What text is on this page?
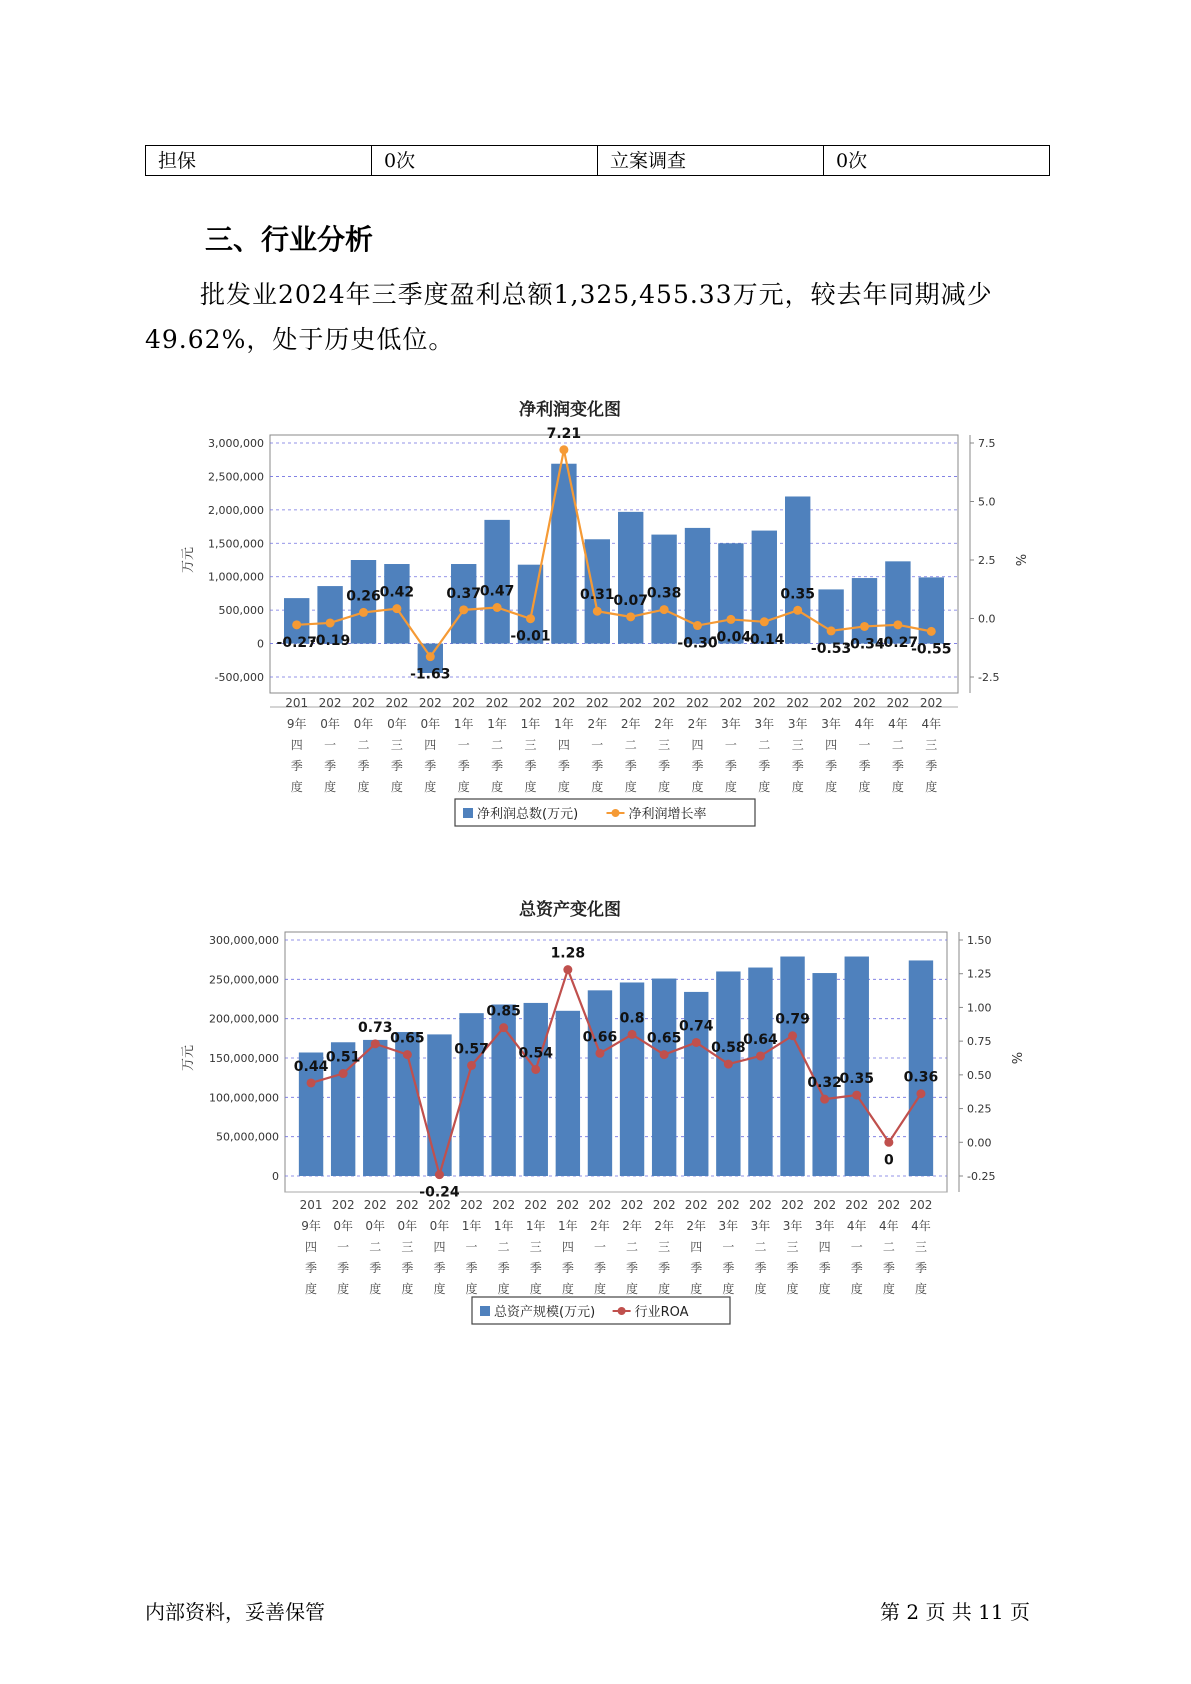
担保	0次	立案调查	0次
三、行业分析
批发业2024年三季度盈利总额1,325,455.33万元，较去年同期减少49.62%，处于历史低位。
净利润变化图
-500,000
0
500,000
1,000,000
1,500,000
2,000,000
2,500,000
3,000,000
-2.5
0.0
2.5
5.0
7.5
万元	%
201 202 202 202 202 202 202 202 202 202 202 202 202 202 202 202 202 202 202 202
9年 0年 0年 0年 0年 1年 1年 1年 1年 2年 2年 2年 2年 3年 3年 3年 3年 4年 4年 4年
四 一 二 三 四 一 二 三 四 一 二 三 四 一 二 三 四 一 二 三
季 季 季 季 季 季 季 季 季 季 季 季 季 季 季 季 季 季 季 季
度 度 度 度 度 度 度 度 度 度 度 度 度 度 度 度 度 度 度 度
-0.27
-0.19
0.26
0.42
-1.63
0.37
0.47
-0.01
7.21
0.31
0.07
0.38
-0.30
-0.04
-0.14
0.35
-0.53
-0.34
-0.27
-0.55
净利润总数(万元)	净利润增长率
总资产变化图
0
50,000,000
100,000,000
150,000,000
200,000,000
250,000,000
300,000,000
-0.25
0.00
0.25
0.50
0.75
1.00
1.25
1.50
万元	%
201 202 202 202 202 202 202 202 202 202 202 202 202 202 202 202 202 202 202 202
9年 0年 0年 0年 0年 1年 1年 1年 1年 2年 2年 2年 2年 3年 3年 3年 3年 4年 4年 4年
四 一 二 三 四 一 二 三 四 一 二 三 四 一 二 三 四 一 二 三
季 季 季 季 季 季 季 季 季 季 季 季 季 季 季 季 季 季 季 季
度 度 度 度 度 度 度 度 度 度 度 度 度 度 度 度 度 度 度 度
0.44
0.51
0.73
0.65
-0.24
0.57
0.85
0.54
1.28
0.66
0.8
0.65
0.74
0.58
0.64
0.79
0.32
0.35
0
0.36
总资产规模(万元)	行业ROA
内部资料，妥善保管	第 2 页 共 11 页
